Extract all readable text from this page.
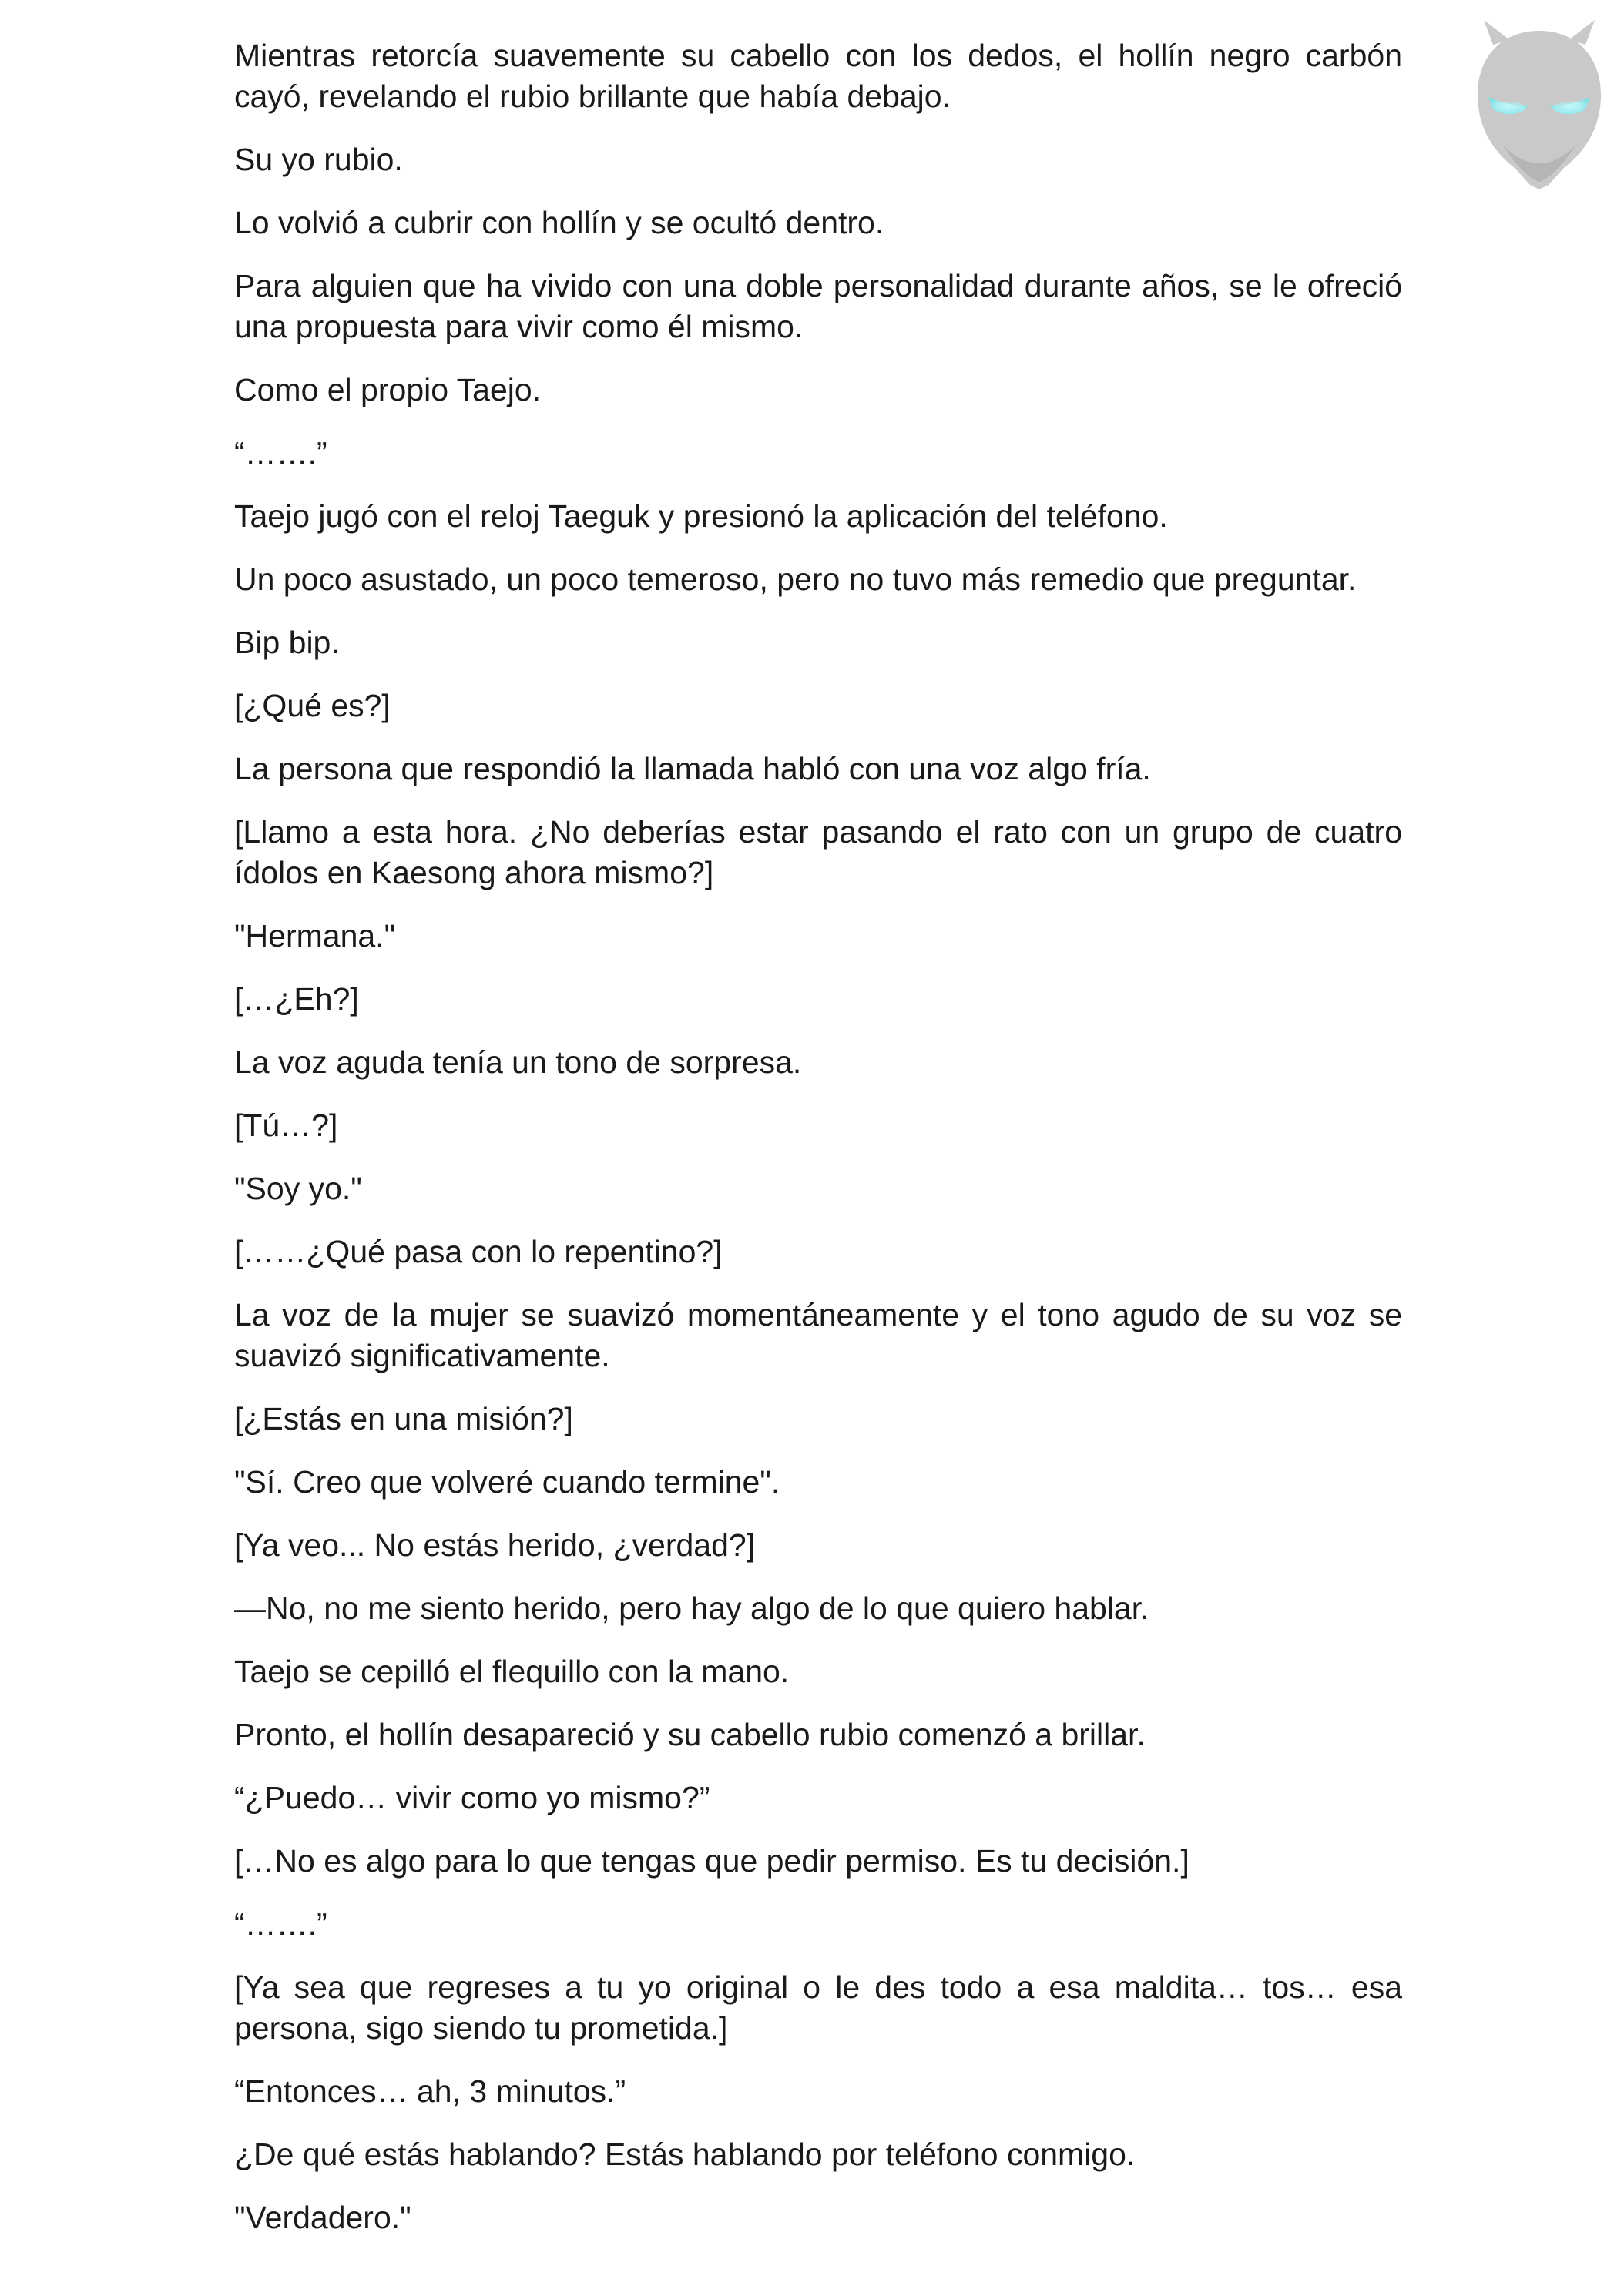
Mientras retorcía suavemente su cabello con los dedos, el hollín negro carbón cayó, revelando el rubio brillante que había debajo.

Su yo rubio.

Lo volvió a cubrir con hollín y se ocultó dentro.

Para alguien que ha vivido con una doble personalidad durante años, se le ofreció una propuesta para vivir como él mismo.

Como el propio Taejo.

“…….”

Taejo jugó con el reloj Taeguk y presionó la aplicación del teléfono.

Un poco asustado, un poco temeroso, pero no tuvo más remedio que preguntar.

Bip bip.

[¿Qué es?]

La persona que respondió la llamada habló con una voz algo fría.

[Llamo a esta hora. ¿No deberías estar pasando el rato con un grupo de cuatro ídolos en Kaesong ahora mismo?]

"Hermana."

[…¿Eh?]

La voz aguda tenía un tono de sorpresa.

[Tú…?]

"Soy yo."

[……¿Qué pasa con lo repentino?]

La voz de la mujer se suavizó momentáneamente y el tono agudo de su voz se suavizó significativamente.

[¿Estás en una misión?]

"Sí. Creo que volveré cuando termine".

[Ya veo... No estás herido, ¿verdad?]

—No, no me siento herido, pero hay algo de lo que quiero hablar.

Taejo se cepilló el flequillo con la mano.

Pronto, el hollín desapareció y su cabello rubio comenzó a brillar.

“¿Puedo… vivir como yo mismo?”

[…No es algo para lo que tengas que pedir permiso. Es tu decisión.]

“…….”

[Ya sea que regreses a tu yo original o le des todo a esa maldita… tos… esa persona, sigo siendo tu prometida.]

“Entonces… ah, 3 minutos.”

¿De qué estás hablando? Estás hablando por teléfono conmigo.

"Verdadero."
